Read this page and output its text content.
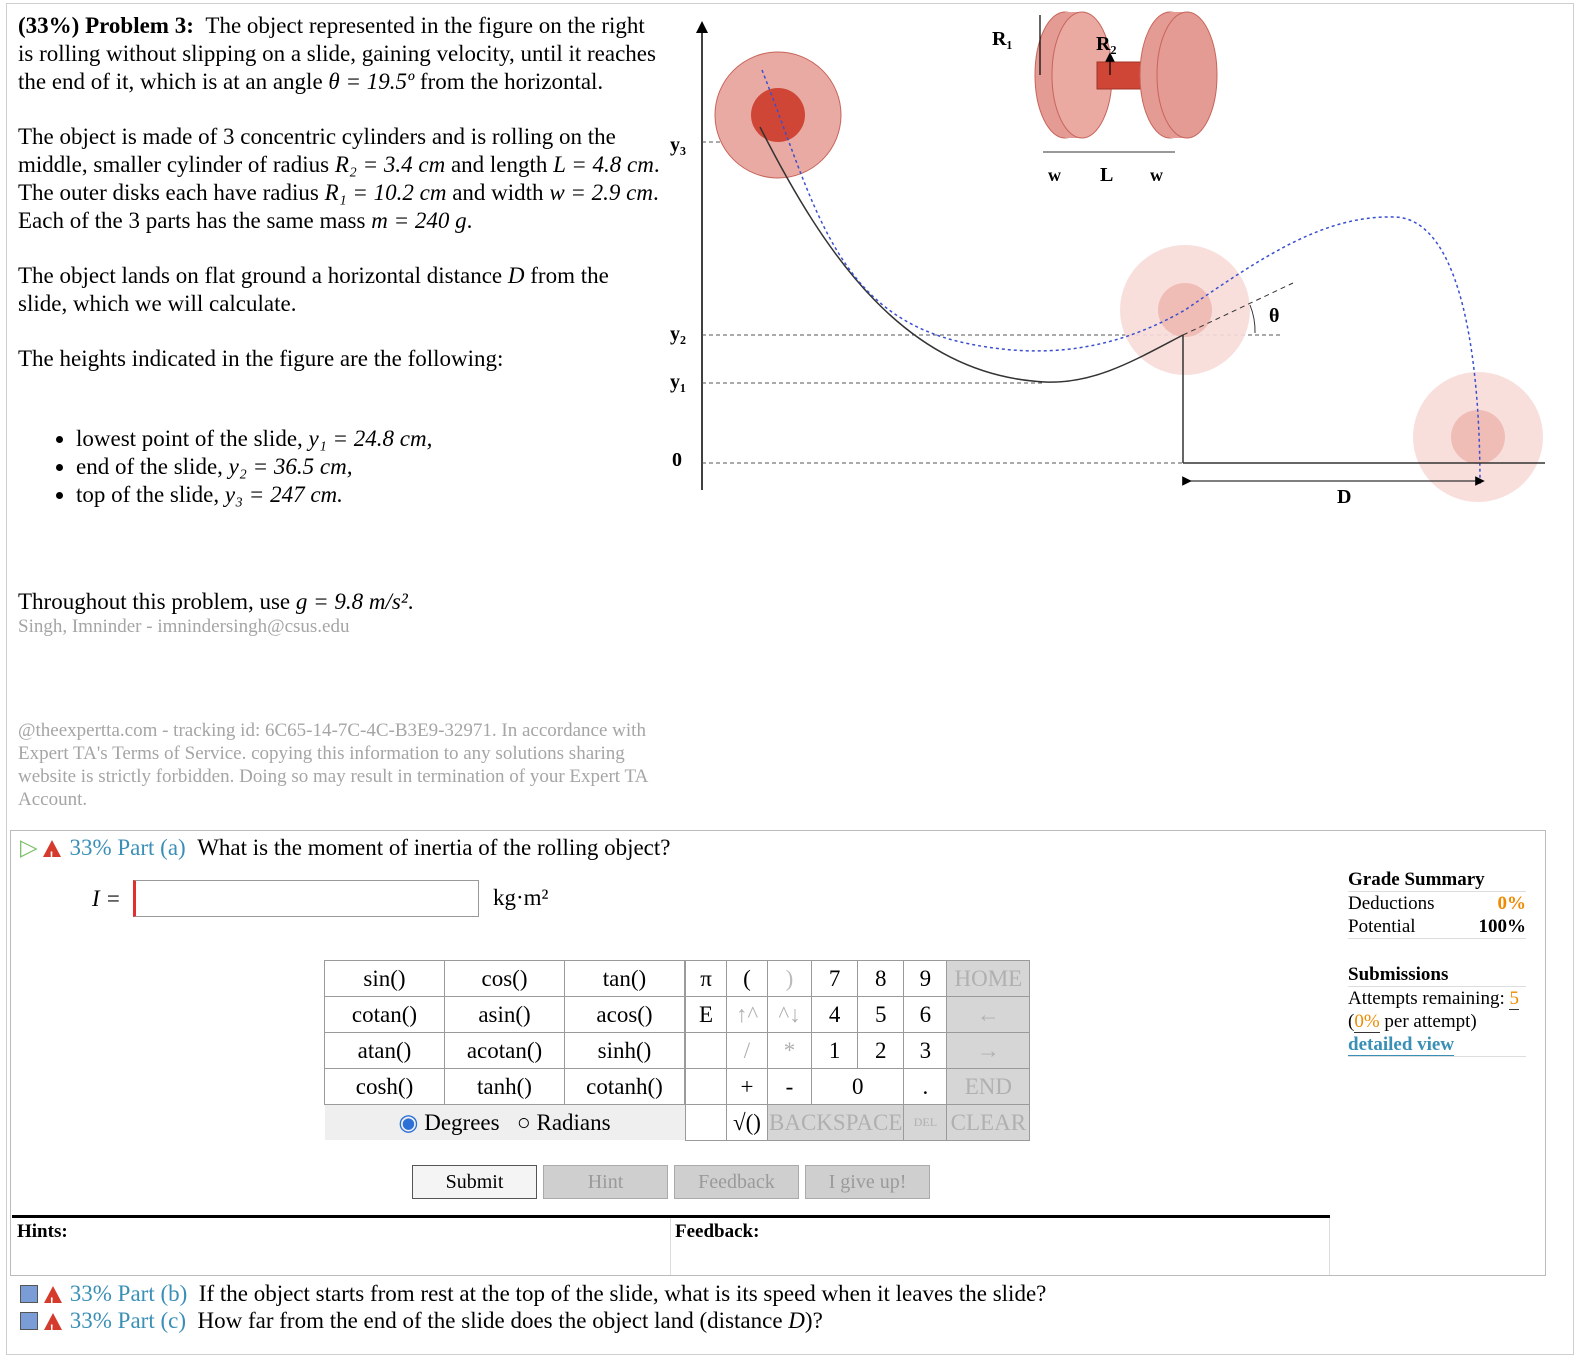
(33%) Problem 3: The object represented in the figure on the right is rolling without slipping on a slide, gaining velocity, until it reaches the end of it, which is at an angle θ = 19.5º from the horizontal.

The object is made of 3 concentric cylinders and is rolling on the middle, smaller cylinder of radius R₂ = 3.4 cm and length L = 4.8 cm. The outer disks each have radius R₁ = 10.2 cm and width w = 2.9 cm. Each of the 3 parts has the same mass m = 240 g.

The object lands on flat ground a horizontal distance D from the slide, which we will calculate.

The heights indicated in the figure are the following:

• lowest point of the slide, y₁ = 24.8 cm,
• end of the slide, y₂ = 36.5 cm,
• top of the slide, y₃ = 247 cm.
Throughout this problem, use g = 9.8 m/s².
Singh, Imninder - imnindersingh@csus.edu
@theexpertta.com - tracking id: 6C65-14-7C-4C-B3E9-32971. In accordance with Expert TA's Terms of Service. copying this information to any solutions sharing website is strictly forbidden. Doing so may result in termination of your Expert TA Account.
y₃
y₂
y₁
0
θ
D
R₁	R₂
w L w
▷ ! 33% Part (a) What is the moment of inertia of the rolling object?
I =	kg·m²
sin()	cos()	tan()
cotan()	asin()	acos()
atan()	acotan()	sinh()
cosh()	tanh()	cotanh()
◉ Degrees ○ Radians		
π	(	)	7	8	9	HOME
E	↑^	^↓	4	5	6	←
	/	*	1	2	3	→
	+	-	0		.	END
	√()	BACKSPACE			DEL	CLEAR
Submit	Hint	Feedback	I give up!
Hints:	Feedback:
Grade Summary
Deductions	0%
Potential	100%
Submissions
Attempts remaining: 5
(0% per attempt)
detailed view
!33% Part (b) If the object starts from rest at the top of the slide, what is its speed when it leaves the slide?
!33% Part (c) How far from the end of the slide does the object land (distance D)?
